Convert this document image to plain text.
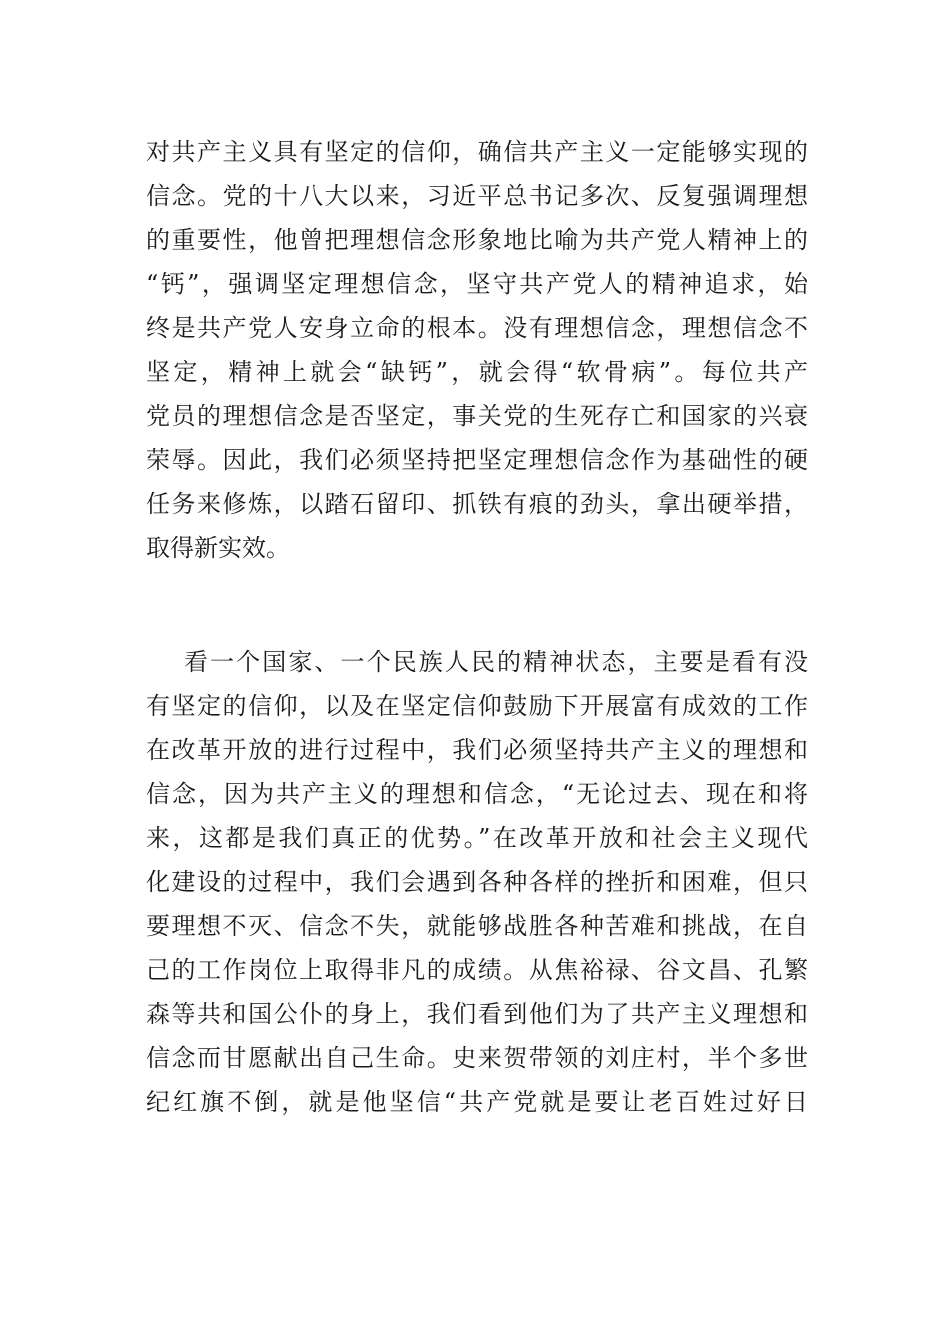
对共产主义具有坚定的信仰，确信共产主义一定能够实现的
信念。党的十八大以来，习近平总书记多次、反复强调理想
的重要性，他曾把理想信念形象地比喻为共产党人精神上的
“钙”，强调坚定理想信念，坚守共产党人的精神追求，始
终是共产党人安身立命的根本。没有理想信念，理想信念不
坚定，精神上就会“缺钙”，就会得“软骨病”。每位共产
党员的理想信念是否坚定，事关党的生死存亡和国家的兴衰
荣辱。因此，我们必须坚持把坚定理想信念作为基础性的硬
任务来修炼，以踏石留印、抓铁有痕的劲头，拿出硬举措，
取得新实效。
看一个国家、一个民族人民的精神状态，主要是看有没
有坚定的信仰，以及在坚定信仰鼓励下开展富有成效的工作
在改革开放的进行过程中，我们必须坚持共产主义的理想和
信念，因为共产主义的理想和信念，“无论过去、现在和将
来，这都是我们真正的优势。”在改革开放和社会主义现代
化建设的过程中，我们会遇到各种各样的挫折和困难，但只
要理想不灭、信念不失，就能够战胜各种苦难和挑战，在自
己的工作岗位上取得非凡的成绩。从焦裕禄、谷文昌、孔繁
森等共和国公仆的身上，我们看到他们为了共产主义理想和
信念而甘愿献出自己生命。史来贺带领的刘庄村，半个多世
纪红旗不倒，就是他坚信“共产党就是要让老百姓过好日
